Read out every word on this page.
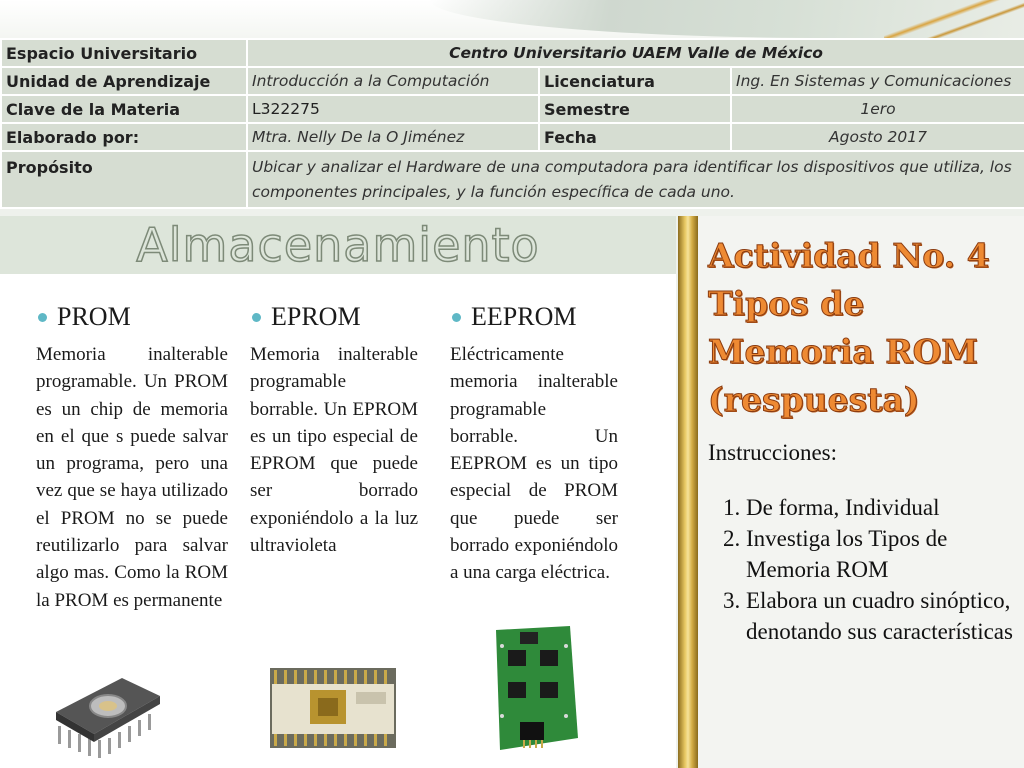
Espacio Universitario	Centro Universitario UAEM Valle de México		
Unidad de Aprendizaje	Introducción a la Computación	Licenciatura	Ing. En Sistemas y Comunicaciones
Clave de la Materia	L322275	Semestre	1ero
Elaborado por:	Mtra. Nelly De la O Jiménez	Fecha	Agosto 2017
Propósito	Ubicar y analizar el Hardware de una computadora para identificar los dispositivos que utiliza, los componentes principales, y la función específica de cada uno.		
Almacenamiento
PROM
Memoria inalterable programable. Un PROM es un chip de memoria en el que s puede salvar un programa, pero una vez que se haya utilizado el PROM no se puede reutilizarlo para salvar algo mas. Como la ROM la PROM es permanente
EPROM
Memoria inalterable programable borrable. Un EPROM es un tipo especial de EPROM que puede ser borrado exponiéndolo a la luz ultravioleta
EEPROM
Eléctricamente memoria inalterable programable borrable. Un EEPROM es un tipo especial de PROM que puede ser borrado exponiéndolo a una carga eléctrica.
Actividad No. 4 Tipos de Memoria ROM (respuesta)
Instrucciones:
1. De forma, Individual
2. Investiga los Tipos de Memoria ROM
3. Elabora un cuadro sinóptico, denotando sus características
